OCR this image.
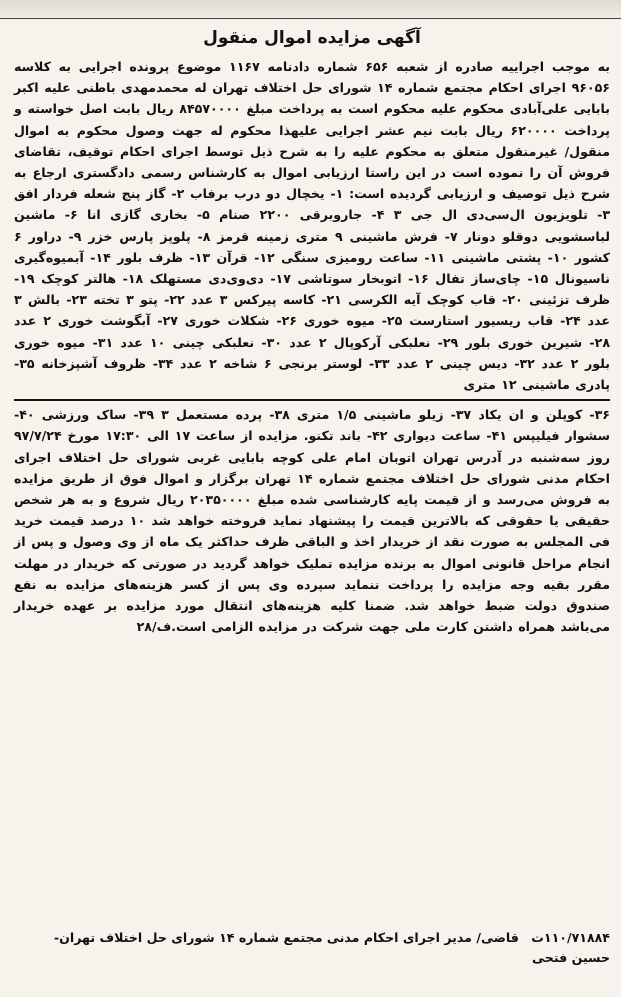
آگهی مزایده اموال منقول

به موجب اجراییه صادره از شعبه ۶۵۶ شماره دادنامه ۱۱۶۷ موضوع پرونده اجرایی به کلاسه ۹۶۰۵۶ اجرای احکام مجتمع شماره ۱۴ شورای حل اختلاف تهران له محمدمهدی باطنی علیه اکبر بابایی علی‌آبادی محکوم علیه محکوم است به پرداخت مبلغ ۸۴۵۷۰۰۰۰ ریال بابت اصل خواسته و پرداخت ۶۲۰۰۰۰ ریال بابت نیم عشر اجرایی علیهذا محکوم له جهت وصول محکوم به اموال منقول/ غیرمنقول متعلق به محکوم علیه را به شرح ذیل توسط اجرای احکام توقیف، تقاضای فروش آن را نموده است در این راستا ارزیابی اموال به کارشناس رسمی دادگستری ارجاع به شرح ذیل توصیف و ارزیابی گردیده است: ۱- یخچال دو درب برفاب ۲- گاز پنج شعله فردار افق ۳- تلویزیون ال‌سی‌دی ال جی ۳ ۴- جاروبرقی ۲۲۰۰ صنام ۵- بخاری گازی انا ۶- ماشین لباسشویی دوقلو دونار ۷- فرش ماشینی ۹ متری زمینه قرمز ۸- پلوپز پارس خزر ۹- دراور ۶ کشور ۱۰- پشتی ماشینی ۱۱- ساعت رومیزی سنگی ۱۲- قرآن ۱۳- ظرف بلور ۱۴- آبمیوه‌گیری ناسیونال ۱۵- چای‌ساز تفال ۱۶- اتوبخار سوتاشی ۱۷- دی‌وی‌دی مستهلک ۱۸- هالتر کوچک ۱۹- ظرف تزئینی ۲۰- قاب کوچک آیه الکرسی ۲۱- کاسه پیرکس ۳ عدد ۲۲- پتو ۳ تخته ۲۳- بالش ۳ عدد ۲۴- قاب ریسیور استارست ۲۵- میوه خوری ۲۶- شکلات خوری ۲۷- آبگوشت خوری ۲ عدد ۲۸- شیرین خوری بلور ۲۹- نعلبکی آرکوپال ۲ عدد ۳۰- نعلبکی چینی ۱۰ عدد ۳۱- میوه خوری بلور ۲ عدد ۳۲- دیس چینی ۲ عدد ۳۳- لوستر برنجی ۶ شاخه ۲ عدد ۳۴- ظروف آشپزخانه ۳۵- پادری ماشینی ۱۲ متری

۳۶- کوپلن و ان یکاد ۳۷- زیلو ماشینی ۱/۵ متری ۳۸- پرده مستعمل ۳ ۳۹- ساک ورزشی ۴۰- سشوار فیلیپس ۴۱- ساعت دیواری ۴۲- باند تکنو. مزایده از ساعت ۱۷ الی ۱۷:۳۰ مورخ ۹۷/۷/۲۴ روز سه‌شنبه در آدرس تهران اتوبان امام علی کوچه بابایی غربی شورای حل اختلاف اجرای احکام مدنی شورای حل اختلاف مجتمع شماره ۱۴ تهران برگزار و اموال فوق از طریق مزایده به فروش می‌رسد و از قیمت پایه کارشناسی شده مبلغ ۲۰۳۵۰۰۰۰ ریال شروع و به هر شخص حقیقی یا حقوقی که بالاترین قیمت را پیشنهاد نماید فروخته خواهد شد ۱۰ درصد قیمت خرید فی المجلس به صورت نقد از خریدار اخذ و الباقی ظرف حداکثر یک ماه از وی وصول و پس از انجام مراحل قانونی اموال به برنده مزایده تملیک خواهد گردید در صورتی که خریدار در مهلت مقرر بقیه وجه مزایده را پرداخت ننماید سپرده وی پس از کسر هزینه‌های مزایده به نفع صندوق دولت ضبط خواهد شد. ضمنا کلیه هزینه‌های انتقال مورد مزایده بر عهده خریدار می‌باشد همراه داشتن کارت ملی جهت شرکت در مزایده الزامی است.ف/۲۸

۱۱۰/۷۱۸۸۴ت قاضی/ مدیر اجرای احکام مدنی مجتمع شماره ۱۴ شورای حل اختلاف تهران- حسین فتحی
